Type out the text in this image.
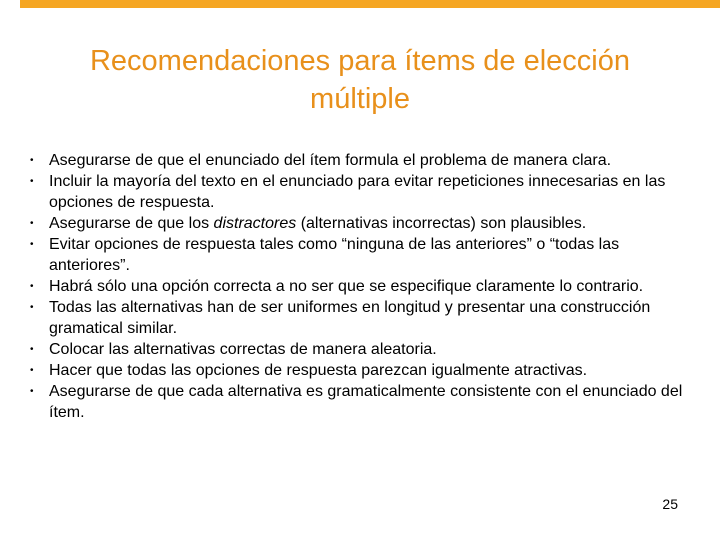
Recomendaciones para ítems de elección
múltiple
• Asegurarse de que el enunciado del ítem formula el problema de manera clara.
• Incluir la mayoría del texto en el enunciado para evitar repeticiones innecesarias en las opciones de respuesta.
• Asegurarse de que los distractores (alternativas incorrectas) son plausibles.
• Evitar opciones de respuesta tales como “ninguna de las anteriores” o “todas las anteriores”.
• Habrá sólo una opción correcta a no ser que se especifique claramente lo contrario.
• Todas las alternativas han de ser uniformes en longitud y presentar una construcción gramatical similar.
• Colocar las alternativas correctas de manera aleatoria.
• Hacer que todas las opciones de respuesta parezcan igualmente atractivas.
• Asegurarse de que cada alternativa es gramaticalmente consistente con el enunciado del ítem.
25
